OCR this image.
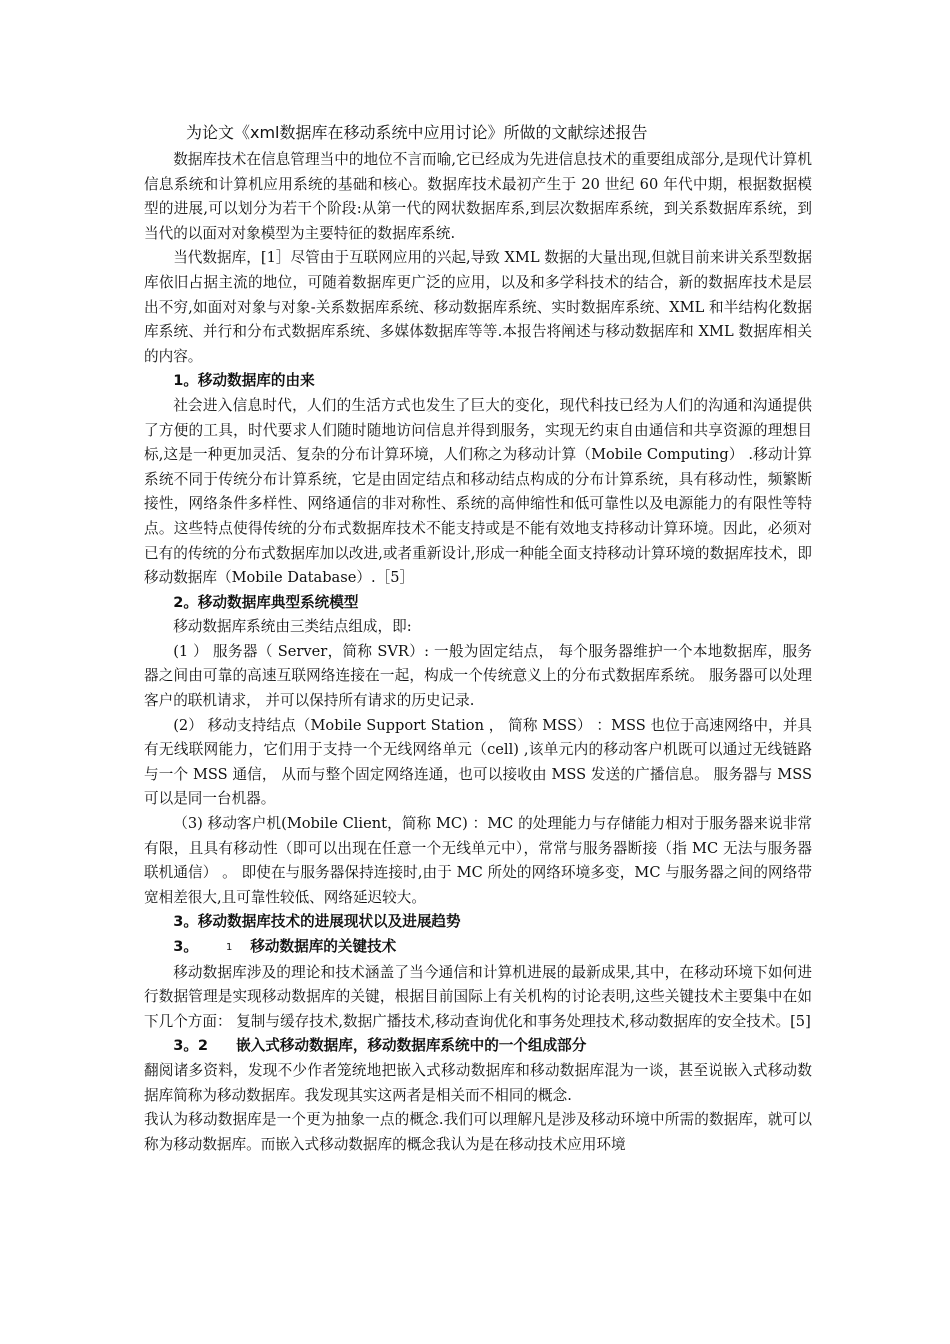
为论文《xml数据库在移动系统中应用讨论》所做的文献综述报告

数据库技术在信息管理当中的地位不言而喻,它已经成为先进信息技术的重要组成部分,是现代计算机信息系统和计算机应用系统的基础和核心。数据库技术最初产生于 20 世纪 60 年代中期，根据数据模型的进展,可以划分为若干个阶段:从第一代的网状数据库系,到层次数据库系统，到关系数据库系统，到当代的以面对对象模型为主要特征的数据库系统.

当代数据库，[1］尽管由于互联网应用的兴起,导致 XML 数据的大量出现,但就目前来讲关系型数据库依旧占据主流的地位，可随着数据库更广泛的应用，以及和多学科技术的结合，新的数据库技术是层出不穷,如面对对象与对象-关系数据库系统、移动数据库系统、实时数据库系统、XML 和半结构化数据库系统、并行和分布式数据库系统、多媒体数据库等等.本报告将阐述与移动数据库和 XML 数据库相关的内容。

1。移动数据库的由来

社会进入信息时代，人们的生活方式也发生了巨大的变化，现代科技已经为人们的沟通和沟通提供了方便的工具，时代要求人们随时随地访问信息并得到服务，实现无约束自由通信和共享资源的理想目标,这是一种更加灵活、复杂的分布计算环境，人们称之为移动计算（Mobile Computing） .移动计算系统不同于传统分布计算系统，它是由固定结点和移动结点构成的分布计算系统，具有移动性，频繁断接性，网络条件多样性、网络通信的非对称性、系统的高伸缩性和低可靠性以及电源能力的有限性等特点。这些特点使得传统的分布式数据库技术不能支持或是不能有效地支持移动计算环境。因此，必须对已有的传统的分布式数据库加以改进,或者重新设计,形成一种能全面支持移动计算环境的数据库技术，即移动数据库（Mobile Database）.［5］

2。移动数据库典型系统模型

移动数据库系统由三类结点组成，即:

(1 ） 服务器（ Server，简称 SVR）: 一般为固定结点， 每个服务器维护一个本地数据库，服务器之间由可靠的高速互联网络连接在一起，构成一个传统意义上的分布式数据库系统。 服务器可以处理客户的联机请求， 并可以保持所有请求的历史记录.

(2） 移动支持结点（Mobile Support Station ， 简称 MSS） ：MSS 也位于高速网络中，并具有无线联网能力，它们用于支持一个无线网络单元（cell) ,该单元内的移动客户机既可以通过无线链路与一个 MSS 通信， 从而与整个固定网络连通，也可以接收由 MSS 发送的广播信息。 服务器与 MSS 可以是同一台机器。

（3) 移动客户机(Mobile Client，简称 MC) ：MC 的处理能力与存储能力相对于服务器来说非常有限，且具有移动性（即可以出现在任意一个无线单元中），常常与服务器断接（指 MC 无法与服务器联机通信） 。 即使在与服务器保持连接时,由于 MC 所处的网络环境多变，MC 与服务器之间的网络带宽相差很大,且可靠性较低、网络延迟较大。

3。移动数据库技术的进展现状以及进展趋势
3。	1 移动数据库的关键技术

移动数据库涉及的理论和技术涵盖了当今通信和计算机进展的最新成果,其中，在移动环境下如何进行数据管理是实现移动数据库的关键，根据目前国际上有关机构的讨论表明,这些关键技术主要集中在如下几个方面： 复制与缓存技术,数据广播技术,移动查询优化和事务处理技术,移动数据库的安全技术。[5]

3。2 嵌入式移动数据库，移动数据库系统中的一个组成部分

翻阅诸多资料，发现不少作者笼统地把嵌入式移动数据库和移动数据库混为一谈，甚至说嵌入式移动数据库简称为移动数据库。我发现其实这两者是相关而不相同的概念.

我认为移动数据库是一个更为抽象一点的概念.我们可以理解凡是涉及移动环境中所需的数据库，就可以称为移动数据库。而嵌入式移动数据库的概念我认为是在移动技术应用环境
